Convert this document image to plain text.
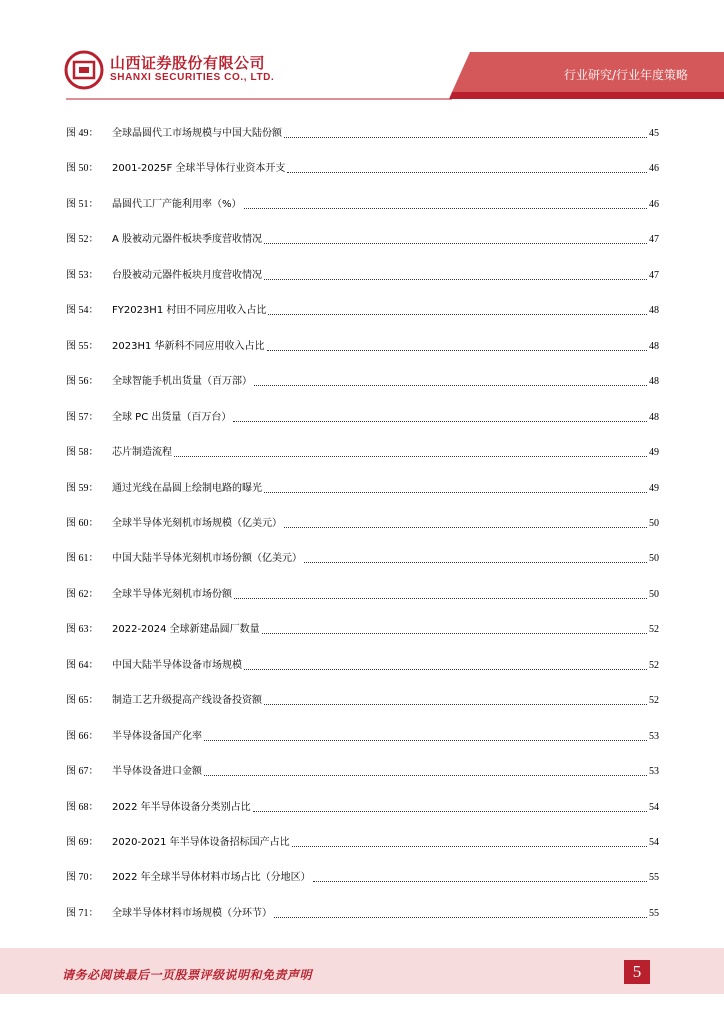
山西证券股份有限公司
SHANXI SECURITIES CO., LTD.	行业研究/行业年度策略
图 49：	全球晶圆代工市场规模与中国大陆份额	45
图 50：	2001-2025F 全球半导体行业资本开支	46
图 51：	晶圆代工厂产能利用率（%）	46
图 52：	A 股被动元器件板块季度营收情况	47
图 53：	台股被动元器件板块月度营收情况	47
图 54：	FY2023H1 村田不同应用收入占比	48
图 55：	2023H1 华新科不同应用收入占比	48
图 56：	全球智能手机出货量（百万部）	48
图 57：	全球 PC 出货量（百万台）	48
图 58：	芯片制造流程	49
图 59：	通过光线在晶圆上绘制电路的曝光	49
图 60：	全球半导体光刻机市场规模（亿美元）	50
图 61：	中国大陆半导体光刻机市场份额（亿美元）	50
图 62：	全球半导体光刻机市场份额	50
图 63：	2022-2024 全球新建晶圆厂数量	52
图 64：	中国大陆半导体设备市场规模	52
图 65：	制造工艺升级提高产线设备投资额	52
图 66：	半导体设备国产化率	53
图 67：	半导体设备进口金额	53
图 68：	2022 年半导体设备分类别占比	54
图 69：	2020-2021 年半导体设备招标国产占比	54
图 70：	2022 年全球半导体材料市场占比（分地区）	55
图 71：	全球半导体材料市场规模（分环节）	55
请务必阅读最后一页股票评级说明和免责声明	5
